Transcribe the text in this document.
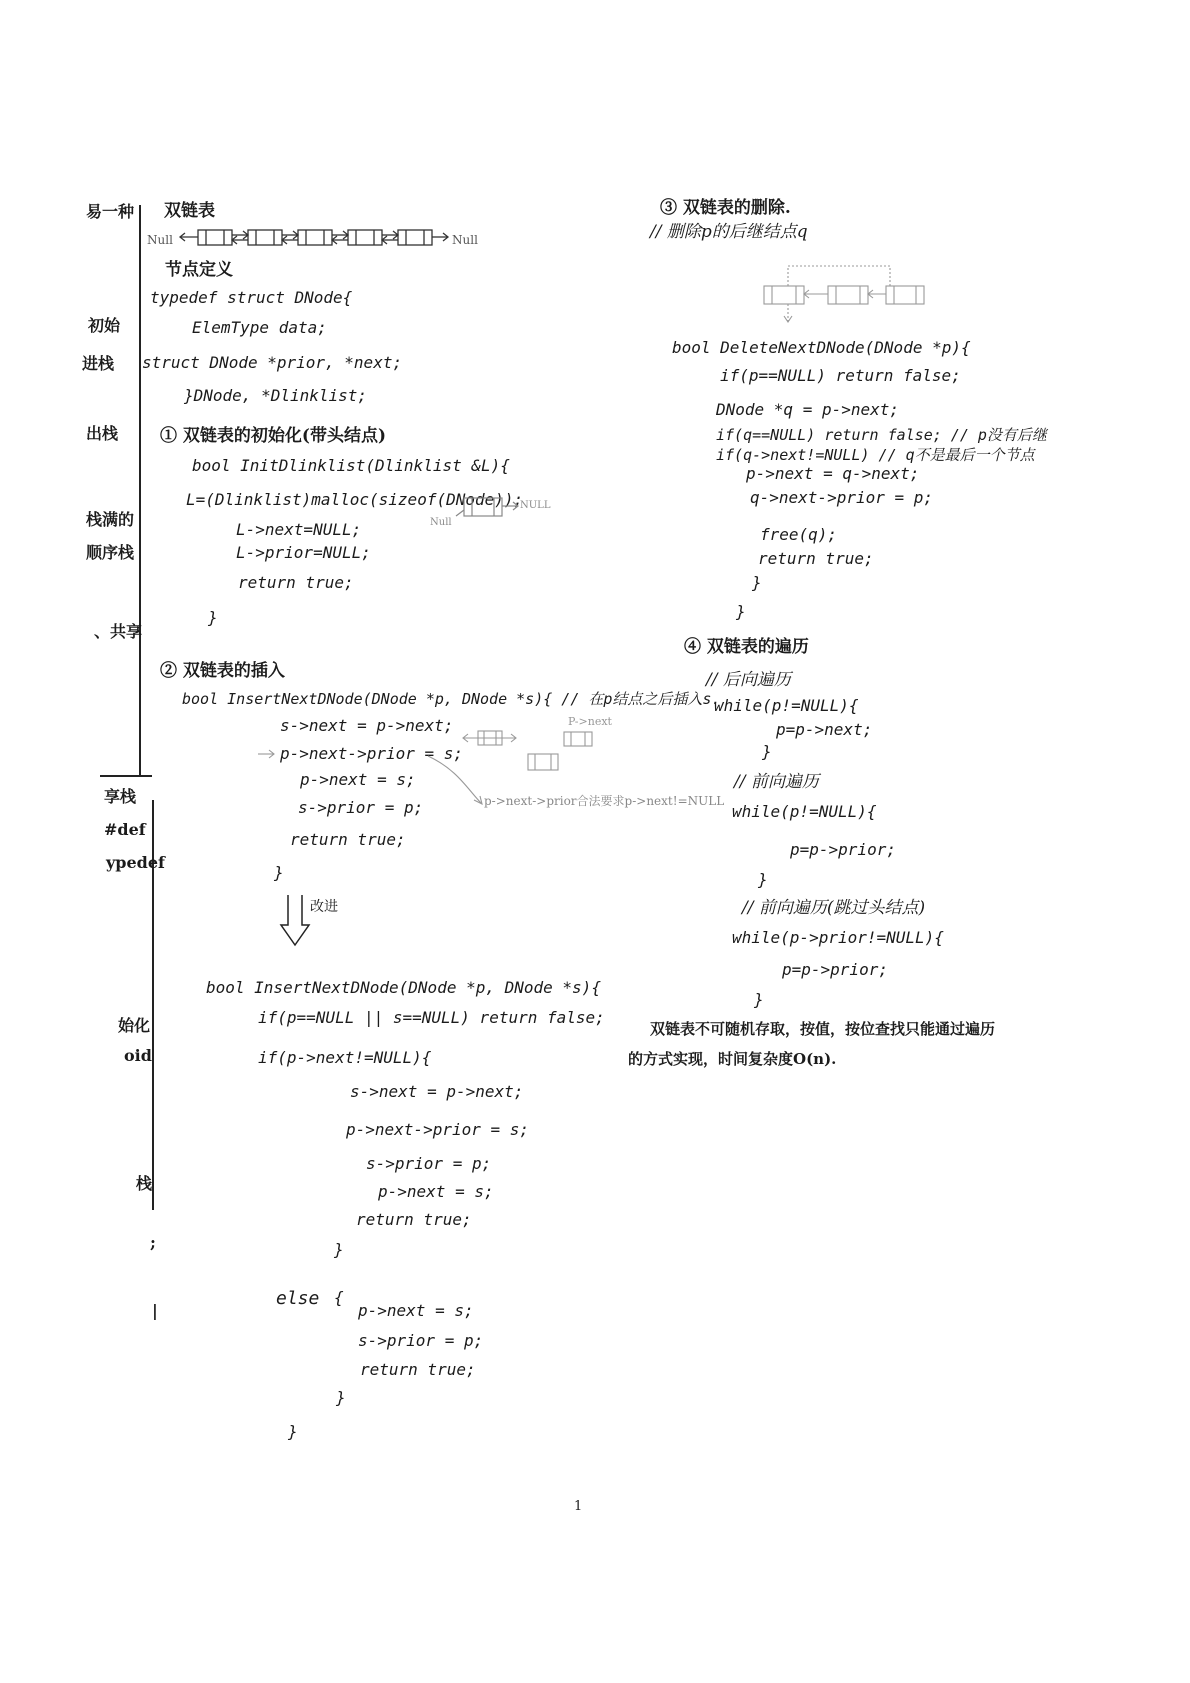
易一种
初始
进栈
出栈
栈满的
顺序栈
、共享
享栈
#def
ypedef
始化
oid
栈
;
|
双链表
Null	Null
节点定义
typedef struct DNode{
ElemType data;
struct DNode *prior, *next;
}DNode, *Dlinklist;
① 双链表的初始化(带头结点)
bool InitDlinklist(Dlinklist &L){
L=(Dlinklist)malloc(sizeof(DNode));
L->next=NULL;
L->prior=NULL;
return true;
}
Null
NULL
② 双链表的插入
bool InsertNextDNode(DNode *p, DNode *s){ // 在p结点之后插入s.
s->next = p->next;
p->next->prior = s;
p->next = s;
s->prior = p;
return true;
}
P->next
p->next->prior合法要求p->next!=NULL
改进
bool InsertNextDNode(DNode *p, DNode *s){
if(p==NULL || s==NULL) return false;
if(p->next!=NULL){
s->next = p->next;
p->next->prior = s;
s->prior = p;
p->next = s;
return true;
}
else {
p->next = s;
s->prior = p;
return true;
}
}
1
③ 双链表的删除.
// 删除p的后继结点q
bool DeleteNextDNode(DNode *p){
if(p==NULL) return false;
DNode *q = p->next;
if(q==NULL) return false; // p没有后继
if(q->next!=NULL) // q不是最后一个节点
p->next = q->next;
q->next->prior = p;
free(q);
return true;
}
}
④ 双链表的遍历
// 后向遍历
while(p!=NULL){
p=p->next;
}
// 前向遍历
while(p!=NULL){
p=p->prior;
}
// 前向遍历(跳过头结点)
while(p->prior!=NULL){
p=p->prior;
}
双链表不可随机存取，按值，按位查找只能通过遍历
的方式实现，时间复杂度O(n).
